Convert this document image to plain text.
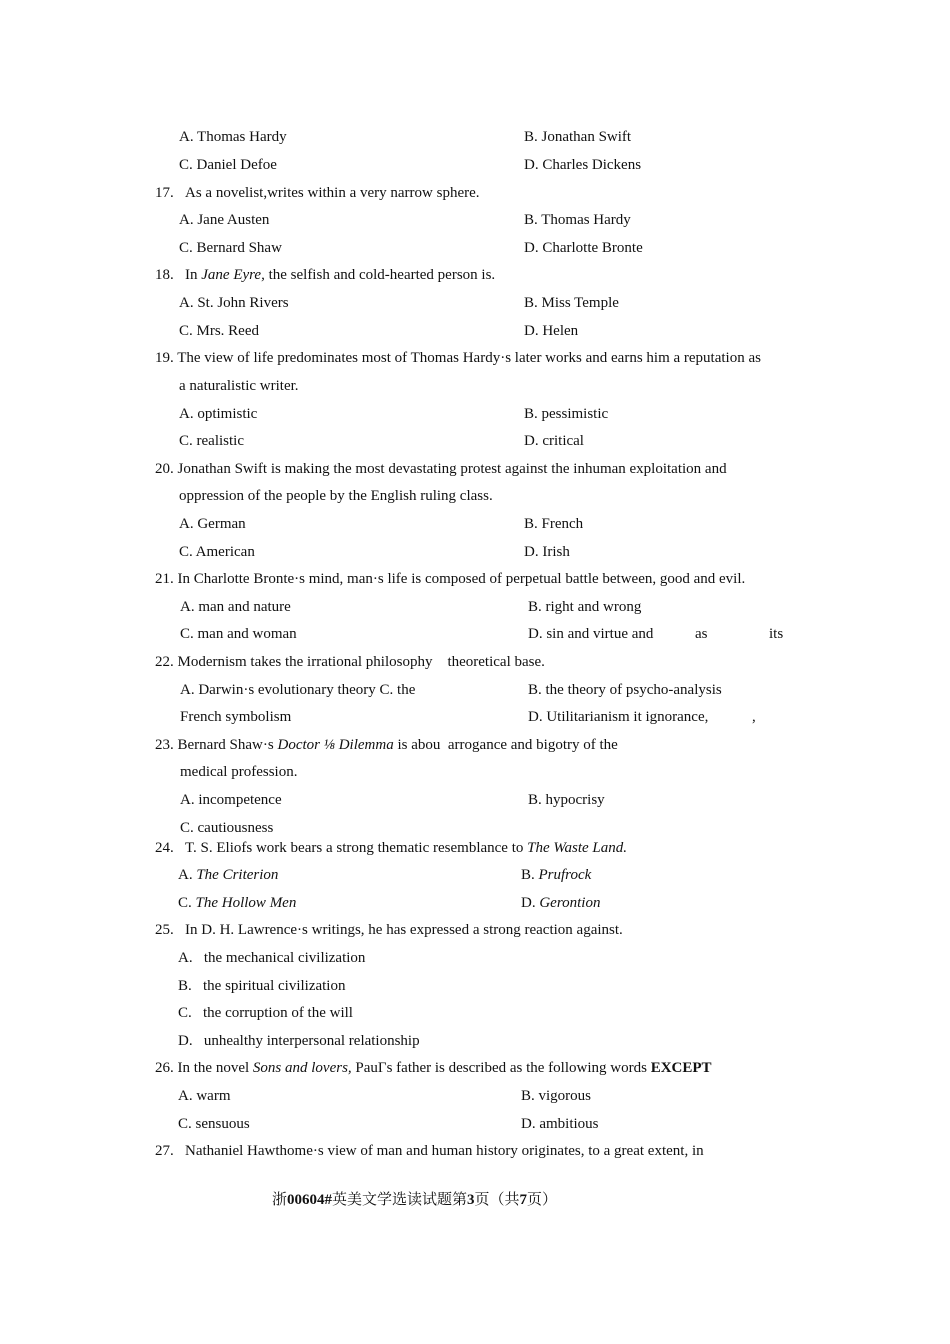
A. Thomas Hardy	B. Jonathan Swift
C. Daniel Defoe	D. Charles Dickens
17.   As a novelist,writes within a very narrow sphere.
A. Jane Austen	B. Thomas Hardy
C. Bernard Shaw	D. Charlotte Bronte
18.   In Jane Eyre, the selfish and cold-hearted person is.
A. St. John Rivers	B. Miss Temple
C. Mrs. Reed	D. Helen
19. The view of life predominates most of Thomas Hardy·s later works and earns him a reputation as
a naturalistic writer.
A. optimistic	B. pessimistic
C. realistic	D. critical
20. Jonathan Swift is making the most devastating protest against the inhuman exploitation and
oppression of the people by the English ruling class.
A. German	B. French
C. American	D. Irish
21. In Charlotte Bronte·s mind, man·s life is composed of perpetual battle between, good and evil.
A. man and nature	B. right and wrong
C. man and woman	D. sin and virtue and	as	its
22. Modernism takes the irrational philosophy    theoretical base.
A. Darwin·s evolutionary theory C. the	B. the theory of psycho-analysis
French symbolism	D. Utilitarianism it ignorance,	,
23. Bernard Shaw·s Doctor ⅛ Dilemma is abou  arrogance and bigotry of the
medical profession.
A. incompetence	B. hypocrisy
C. cautiousness
24.   T. S. Eliofs work bears a strong thematic resemblance to The Waste Land.
A. The Criterion	B. Prufrock
C. The Hollow Men	D. Gerontion
25.   In D. H. Lawrence·s writings, he has expressed a strong reaction against.
A.   the mechanical civilization
B.   the spiritual civilization
C.   the corruption of the will
D.   unhealthy interpersonal relationship
26. In the novel Sons and lovers, PauΓs father is described as the following words EXCEPT
A. warm	B. vigorous
C. sensuous	D. ambitious
27.   Nathaniel Hawthome·s view of man and human history originates, to a great extent, in
浙00604#英美文学选读试题第3页（共7页）
